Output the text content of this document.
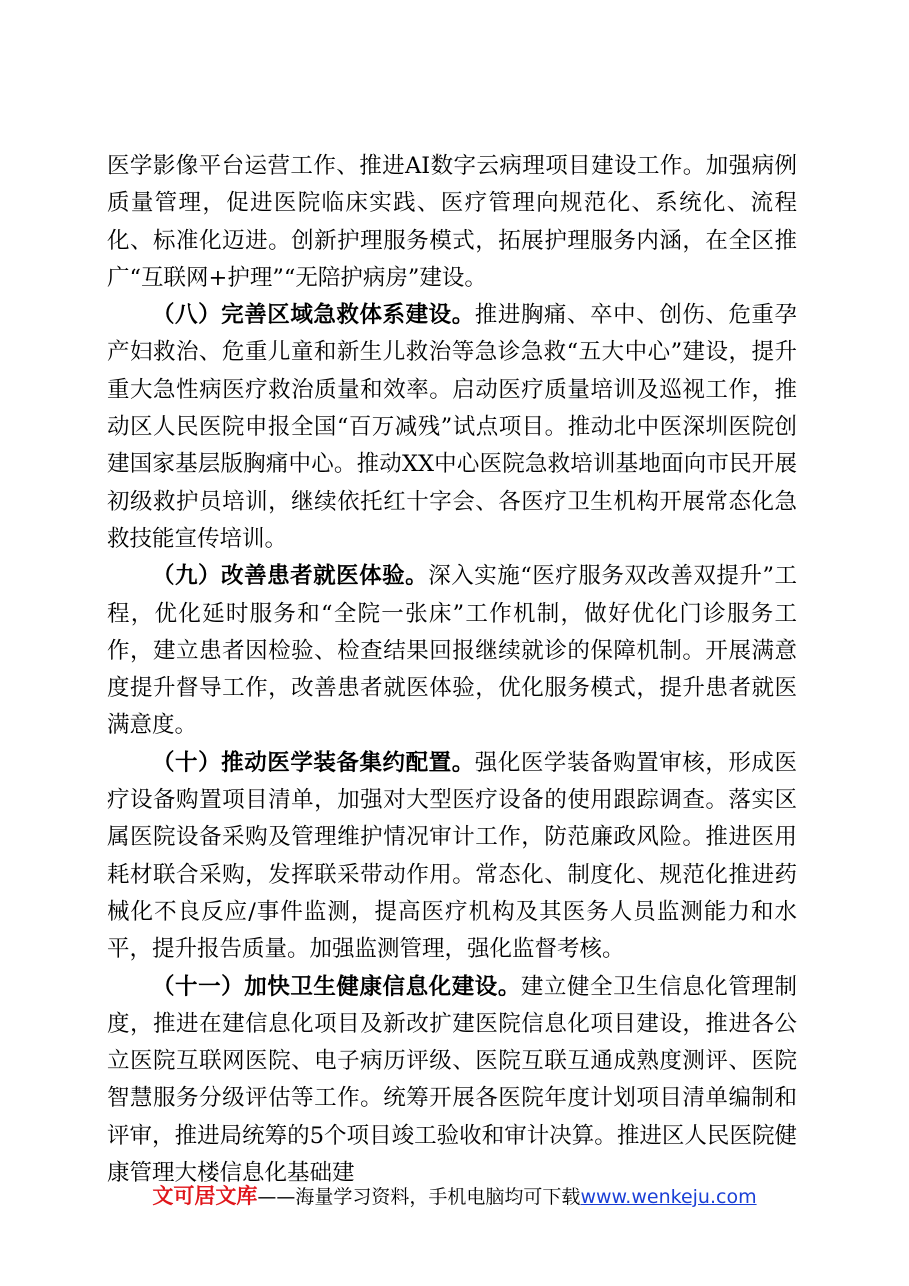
医学影像平台运营工作、推进AI数字云病理项目建设工作。加强病例质量管理，促进医院临床实践、医疗管理向规范化、系统化、流程化、标准化迈进。创新护理服务模式，拓展护理服务内涵，在全区推广“互联网+护理”“无陪护病房”建设。

（八）完善区域急救体系建设。推进胸痛、卒中、创伤、危重孕产妇救治、危重儿童和新生儿救治等急诊急救“五大中心”建设，提升重大急性病医疗救治质量和效率。启动医疗质量培训及巡视工作，推动区人民医院申报全国“百万减残”试点项目。推动北中医深圳医院创建国家基层版胸痛中心。推动XX中心医院急救培训基地面向市民开展初级救护员培训，继续依托红十字会、各医疗卫生机构开展常态化急救技能宣传培训。

（九）改善患者就医体验。深入实施“医疗服务双改善双提升”工程，优化延时服务和“全院一张床”工作机制，做好优化门诊服务工作，建立患者因检验、检查结果回报继续就诊的保障机制。开展满意度提升督导工作，改善患者就医体验，优化服务模式，提升患者就医满意度。

（十）推动医学装备集约配置。强化医学装备购置审核，形成医疗设备购置项目清单，加强对大型医疗设备的使用跟踪调查。落实区属医院设备采购及管理维护情况审计工作，防范廉政风险。推进医用耗材联合采购，发挥联采带动作用。常态化、制度化、规范化推进药械化不良反应/事件监测，提高医疗机构及其医务人员监测能力和水平，提升报告质量。加强监测管理，强化监督考核。

（十一）加快卫生健康信息化建设。建立健全卫生信息化管理制度，推进在建信息化项目及新改扩建医院信息化项目建设，推进各公立医院互联网医院、电子病历评级、医院互联互通成熟度测评、医院智慧服务分级评估等工作。统筹开展各医院年度计划项目清单编制和评审，推进局统筹的5个项目竣工验收和审计决算。推进区人民医院健康管理大楼信息化基础建

文可居文库——海量学习资料，手机电脑均可下载www.wenkeju.com
